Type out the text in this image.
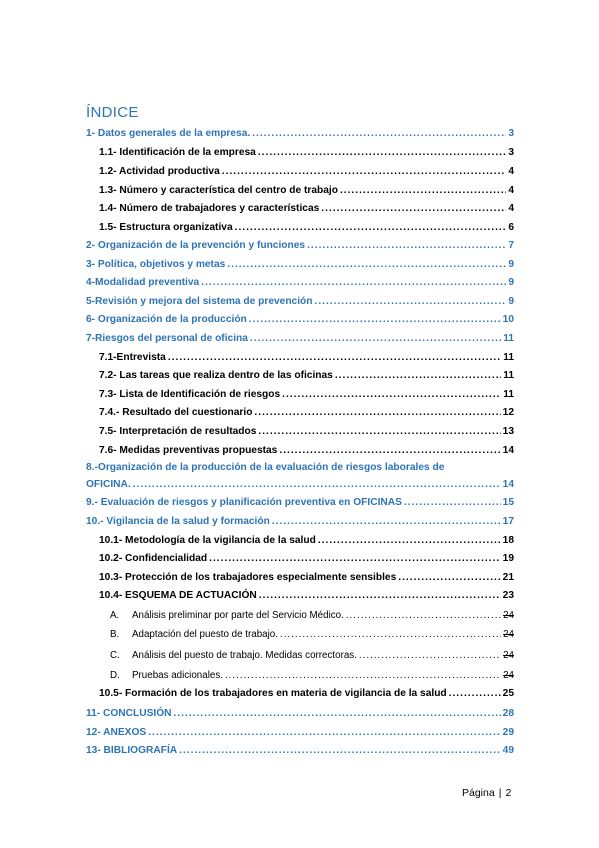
ÍNDICE
1- Datos generales de la empresa. .....	3
1.1- Identificación de la empresa .....	3
1.2- Actividad productiva .....	4
1.3- Número y característica del centro de trabajo .....	4
1.4- Número de trabajadores y características .....	4
1.5- Estructura organizativa .....	6
2- Organización de la prevención y funciones .....	7
3- Política, objetivos y metas .....	9
4-Modalidad preventiva .....	9
5-Revisión y mejora del sistema de prevención .....	9
6- Organización de la producción .....	10
7-Riesgos del personal de oficina .....	11
7.1-Entrevista .....	11
7.2- Las tareas que realiza dentro de las oficinas .....	11
7.3- Lista de Identificación de riesgos .....	11
7.4.- Resultado del cuestionario .....	12
7.5- Interpretación de resultados .....	13
7.6- Medidas preventivas propuestas .....	14
8.-Organización de la producción de la evaluación de riesgos laborales de
OFICINA. .....	14
9.- Evaluación de riesgos y planificación preventiva en OFICINAS .....	15
10.- Vigilancia de la salud y formación .....	17
10.1- Metodología de la vigilancia de la salud .....	18
10.2- Confidencialidad .....	19
10.3- Protección de los trabajadores especialmente sensibles .....	21
10.4- ESQUEMA DE ACTUACIÓN .....	23
A. Análisis preliminar por parte del Servicio Médico. .....	24
B. Adaptación del puesto de trabajo. .....	24
C. Análisis del puesto de trabajo. Medidas correctoras. .....	24
D. Pruebas adicionales. .....	24
10.5- Formación de los trabajadores en materia de vigilancia de la salud .....	25
11- CONCLUSIÓN .....	28
12- ANEXOS .....	29
13- BIBLIOGRAFÍA .....	49
Página | 2
